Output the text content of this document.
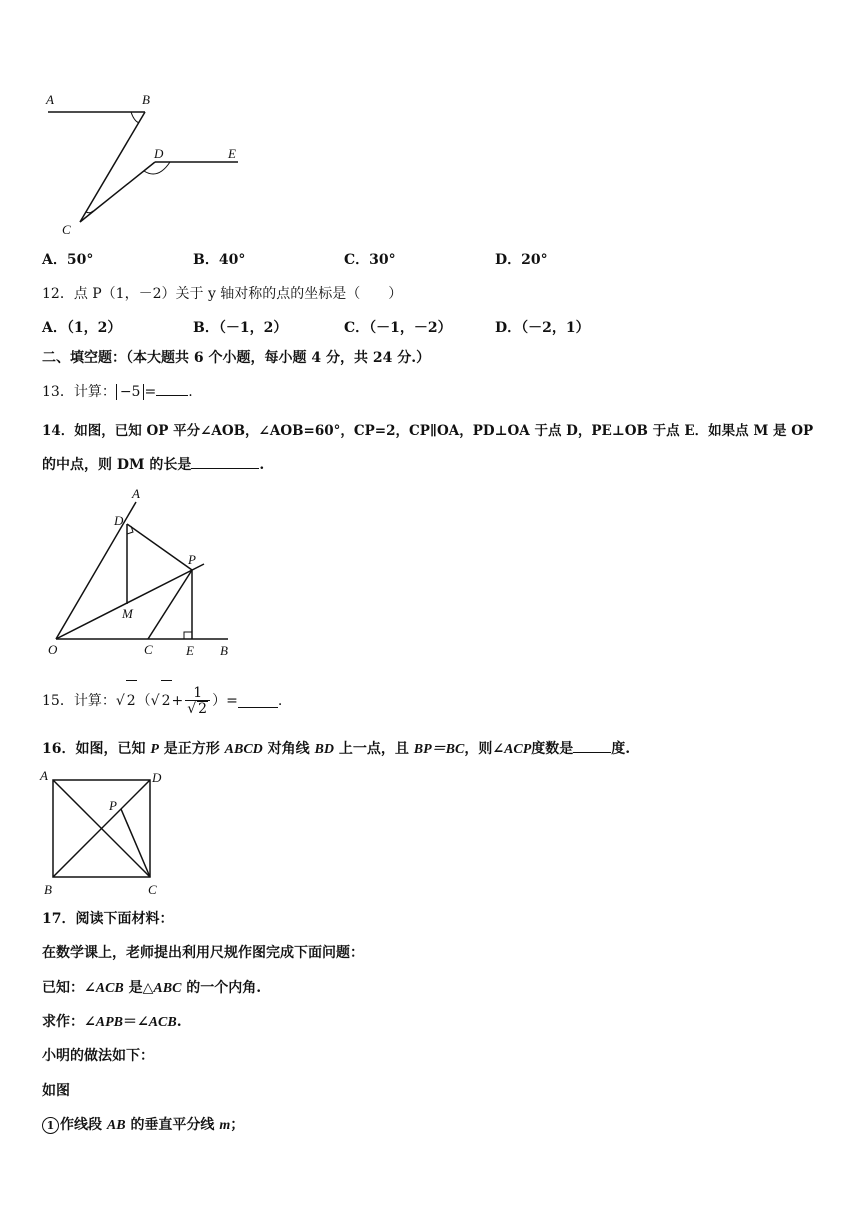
A	B
D	E
C
A．50°	B．40°	C．30°	D．20°
12．点 P（1，－2）关于 y 轴对称的点的坐标是（　　）
A．（1，2）	B．（－1，2）	C．（－1，－2）	D．（－2，1）
二、填空题：（本大题共 6 个小题，每小题 4 分，共 24 分.）
13．计算： −5 = .
14．如图，已知 OP 平分∠AOB，∠AOB=60°，CP=2，CP∥OA，PD⊥OA 于点 D，PE⊥OB 于点 E．如果点 M 是 OP
的中点，则 DM 的长是	.
A
D
P
M
O	C	E B
15．计算：√ 2（√ $2+ \frac{1}{√ 2}$ ）=	.
16．如图，已知 P 是正方形 ABCD 对角线 BD 上一点，且 BP＝BC，则∠ACP度数是	度.
A	D
P
B	C
17．阅读下面材料：
在数学课上，老师提出利用尺规作图完成下面问题：
已知：∠ACB 是△ABC 的一个内角.
求作：∠APB＝∠ACB.
小明的做法如下：
如图
1 作线段 AB 的垂直平分线 m；
